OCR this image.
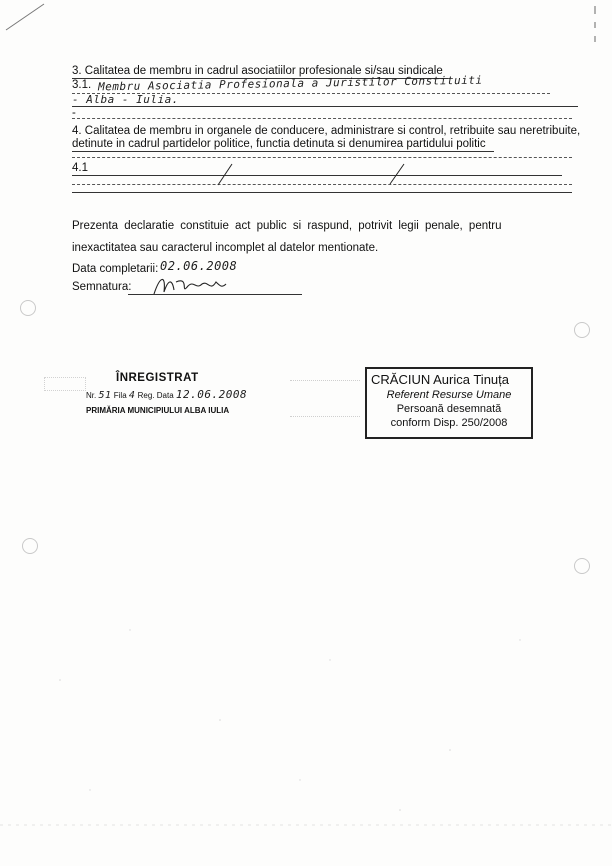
3. Calitatea de membru in cadrul asociatiilor profesionale si/sau sindicale
3.1. Membru Asociatia Profesionala a Juristilor Constituiti
- Alba - Iulia.
-
4. Calitatea de membru in organele de conducere, administrare si control, retribuite sau neretribuite,
detinute in cadrul partidelor politice, functia detinuta si denumirea partidului politic
4.1
Prezenta declaratie constituie act public si raspund, potrivit legii penale, pentru
inexactitatea sau caracterul incomplet al datelor mentionate.
Data completarii: 02.06.2008
Semnatura:
ÎNREGISTRAT
Nr. 51 Fila 4 Reg. Data 12.06.2008
PRIMĂRIA MUNICIPIULUI ALBA IULIA
CRĂCIUN Aurica Tinuța
Referent Resurse Umane
Persoană desemnată
conform Disp. 250/2008
